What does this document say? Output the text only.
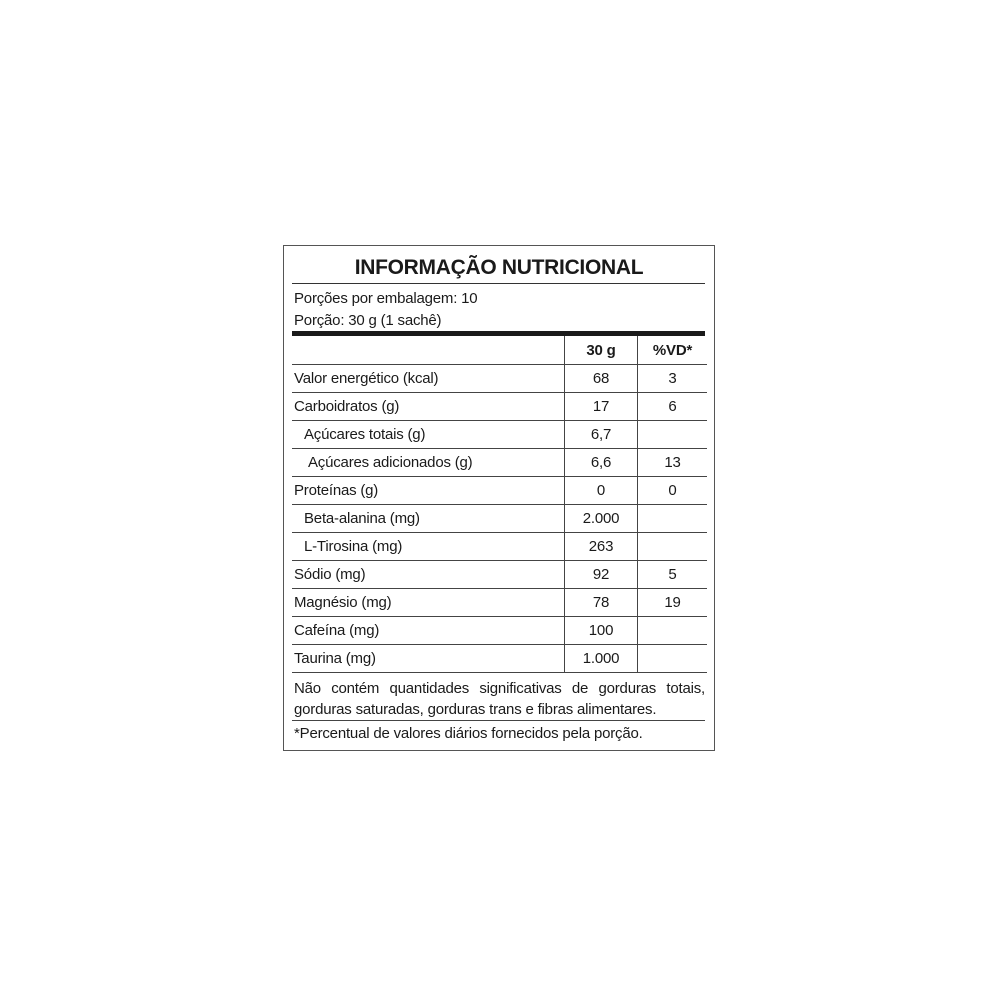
INFORMAÇÃO NUTRICIONAL
Porções por embalagem: 10
Porção: 30 g (1 sachê)
	30 g	%VD*
Valor energético (kcal)	68	3
Carboidratos (g)	17	6
Açúcares totais (g)	6,7	
Açúcares adicionados (g)	6,6	13
Proteínas (g)	0	0
Beta-alanina (mg)	2.000	
L-Tirosina (mg)	263	
Sódio (mg)	92	5
Magnésio (mg)	78	19
Cafeína (mg)	100	
Taurina (mg)	1.000	
Não contém quantidades significativas de gorduras totais, gorduras saturadas, gorduras trans e fibras alimentares.
*Percentual de valores diários fornecidos pela porção.
